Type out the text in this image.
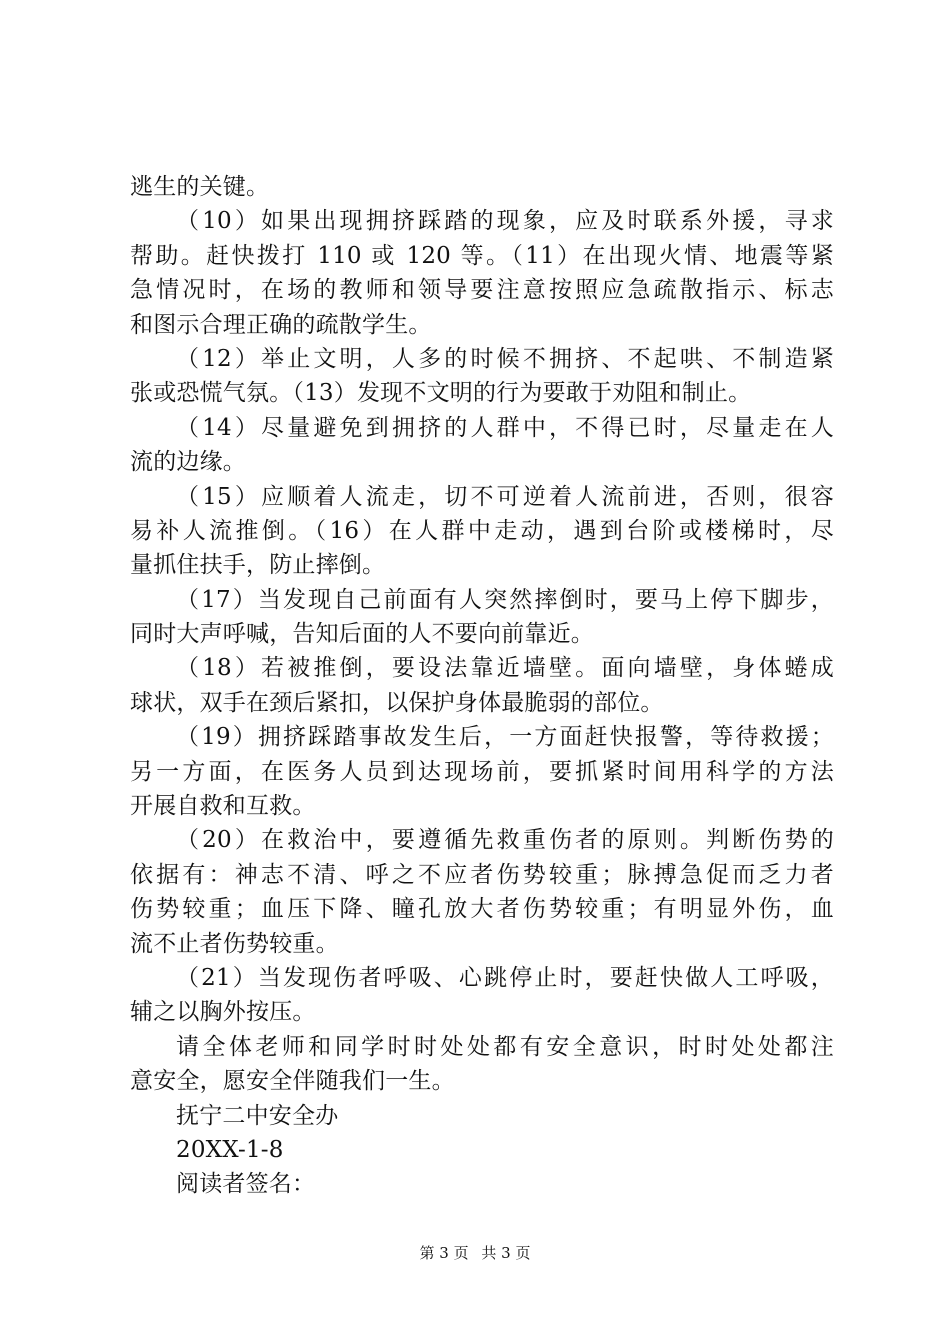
逃生的关键。
（10）如果出现拥挤踩踏的现象，应及时联系外援，寻求
帮助。赶快拨打 110 或 120 等。（11）在出现火情、地震等紧
急情况时，在场的教师和领导要注意按照应急疏散指示、标志
和图示合理正确的疏散学生。
（12）举止文明，人多的时候不拥挤、不起哄、不制造紧
张或恐慌气氛。（13）发现不文明的行为要敢于劝阻和制止。
（14）尽量避免到拥挤的人群中，不得已时，尽量走在人
流的边缘。
（15）应顺着人流走，切不可逆着人流前进，否则，很容
易补人流推倒。（16）在人群中走动，遇到台阶或楼梯时，尽
量抓住扶手，防止摔倒。
（17）当发现自己前面有人突然摔倒时，要马上停下脚步，
同时大声呼喊，告知后面的人不要向前靠近。
（18）若被推倒，要设法靠近墙壁。面向墙壁，身体蜷成
球状，双手在颈后紧扣，以保护身体最脆弱的部位。
（19）拥挤踩踏事故发生后，一方面赶快报警，等待救援；
另一方面，在医务人员到达现场前，要抓紧时间用科学的方法
开展自救和互救。
（20）在救治中，要遵循先救重伤者的原则。判断伤势的
依据有：神志不清、呼之不应者伤势较重；脉搏急促而乏力者
伤势较重；血压下降、瞳孔放大者伤势较重；有明显外伤，血
流不止者伤势较重。
（21）当发现伤者呼吸、心跳停止时，要赶快做人工呼吸，
辅之以胸外按压。
请全体老师和同学时时处处都有安全意识，时时处处都注
意安全，愿安全伴随我们一生。
抚宁二中安全办
20XX-1-8
阅读者签名：
第 3 页 共 3 页
